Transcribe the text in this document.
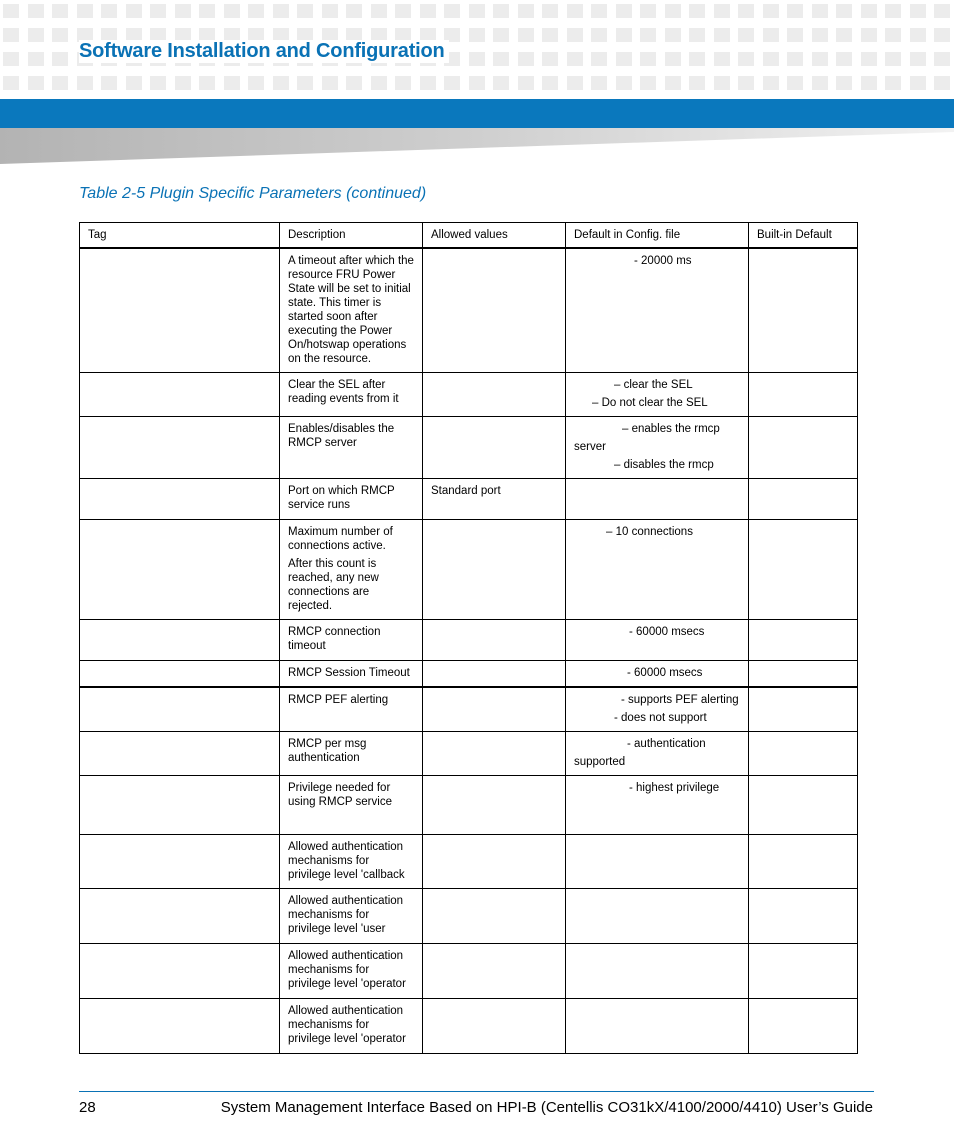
Software Installation and Configuration
Table 2-5 Plugin Specific Parameters (continued)
Tag	Description	Allowed values	Default in Config. file	Built-in Default

	A timeout after which the resource FRU Power State will be set to initial state. This timer is started soon after executing the Power On/hotswap operations on the resource.		- 20000 ms	

	Clear the SEL after reading events from it		– clear the SEL
– Do not clear the SEL	

	Enables/disables the RMCP server		– enables the rmcp
server
– disables the rmcp	

	Port on which RMCP service runs	Standard port		

	Maximum number of connections active.

After this count is reached, any new connections are rejected.		– 10 connections	

	RMCP connection timeout		- 60000 msecs	

	RMCP Session Timeout		- 60000 msecs	

	RMCP PEF alerting		- supports PEF alerting
- does not support	

	RMCP per msg authentication		- authentication
supported	

	Privilege needed for using RMCP service		- highest privilege	

	Allowed authentication mechanisms for privilege level 'callback			

	Allowed authentication mechanisms for privilege level 'user			

	Allowed authentication mechanisms for privilege level 'operator			

	Allowed authentication mechanisms for privilege level 'operator			

28	System Management Interface Based on HPI-B (Centellis CO31kX/4100/2000/4410) User’s Guide
